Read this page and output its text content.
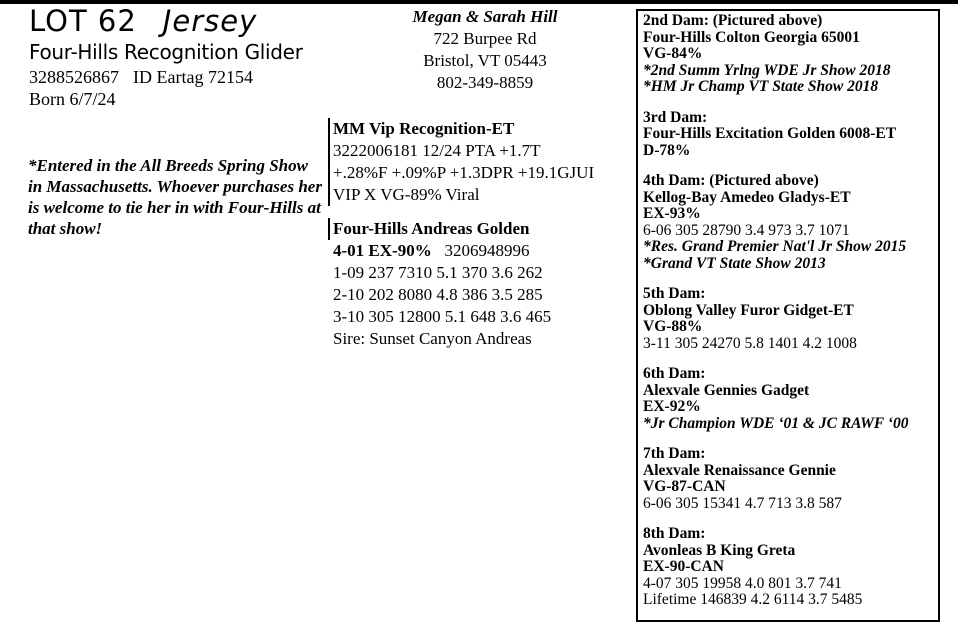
LOT 62 Jersey
Four-Hills Recognition Glider
3288526867 ID Eartag 72154
Born 6/7/24
*Entered in the All Breeds Spring Show in Massachusetts. Whoever purchases her is welcome to tie her in with Four-Hills at that show!
Megan & Sarah Hill
722 Burpee Rd
Bristol, VT 05443
802-349-8859
MM Vip Recognition-ET
3222006181 12/24 PTA +1.7T
+.28%F +.09%P +1.3DPR +19.1GJUI
VIP X VG-89% Viral
Four-Hills Andreas Golden
4-01 EX-90% 3206948996
1-09 237 7310 5.1 370 3.6 262
2-10 202 8080 4.8 386 3.5 285
3-10 305 12800 5.1 648 3.6 465
Sire: Sunset Canyon Andreas
2nd Dam: (Pictured above)
Four-Hills Colton Georgia 65001
VG-84%
*2nd Summ Yrlng WDE Jr Show 2018
*HM Jr Champ VT State Show 2018
3rd Dam:
Four-Hills Excitation Golden 6008-ET
D-78%
4th Dam: (Pictured above)
Kellog-Bay Amedeo Gladys-ET
EX-93%
6-06 305 28790 3.4 973 3.7 1071
*Res. Grand Premier Nat'l Jr Show 2015
*Grand VT State Show 2013
5th Dam:
Oblong Valley Furor Gidget-ET
VG-88%
3-11 305 24270 5.8 1401 4.2 1008
6th Dam:
Alexvale Gennies Gadget
EX-92%
*Jr Champion WDE ‘01 & JC RAWF ‘00
7th Dam:
Alexvale Renaissance Gennie
VG-87-CAN
6-06 305 15341 4.7 713 3.8 587
8th Dam:
Avonleas B King Greta
EX-90-CAN
4-07 305 19958 4.0 801 3.7 741
Lifetime 146839 4.2 6114 3.7 5485
